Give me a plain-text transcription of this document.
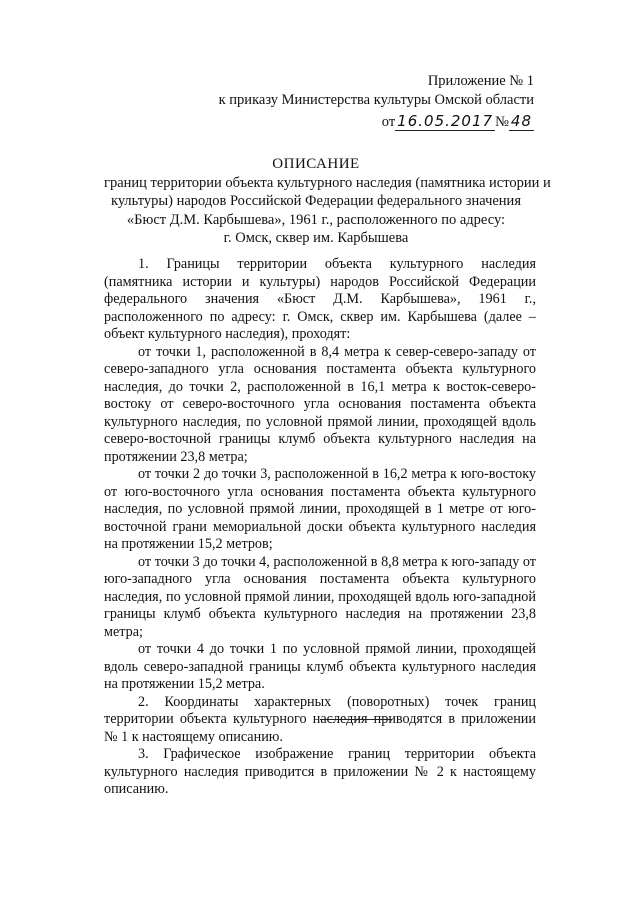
Приложение № 1
к приказу Министерства культуры Омской области
от 16.05.2017 № 48
ОПИСАНИЕ
границ территории объекта культурного наследия (памятника истории и
культуры) народов Российской Федерации федерального значения
«Бюст Д.М. Карбышева», 1961 г., расположенного по адресу:
г. Омск, сквер им. Карбышева

1. Границы территории объекта культурного наследия (памятника истории и культуры) народов Российской Федерации федерального значения «Бюст Д.М. Карбышева», 1961 г., расположенного по адресу: г. Омск, сквер им. Карбышева (далее – объект культурного наследия), проходят:

от точки 1, расположенной в 8,4 метра к север-северо-западу от северо-западного угла основания постамента объекта культурного наследия, до точки 2, расположенной в 16,1 метра к восток-северо-востоку от северо-восточного угла основания постамента объекта культурного наследия, по условной прямой линии, проходящей вдоль северо-восточной границы клумб объекта культурного наследия на протяжении 23,8 метра;

от точки 2 до точки 3, расположенной в 16,2 метра к юго-востоку от юго-восточного угла основания постамента объекта культурного наследия, по условной прямой линии, проходящей в 1 метре от юго-восточной грани мемориальной доски объекта культурного наследия на протяжении 15,2 метров;

от точки 3 до точки 4, расположенной в 8,8 метра к юго-западу от юго-западного угла основания постамента объекта культурного наследия, по условной прямой линии, проходящей вдоль юго-западной границы клумб объекта культурного наследия на протяжении 23,8 метра;

от точки 4 до точки 1 по условной прямой линии, проходящей вдоль северо-западной границы клумб объекта культурного наследия на протяжении 15,2 метра.

2. Координаты характерных (поворотных) точек границ территории объекта культурного наследия приводятся в приложении № 1 к настоящему описанию.

3. Графическое изображение границ территории объекта культурного наследия приводится в приложении № 2 к настоящему описанию.
